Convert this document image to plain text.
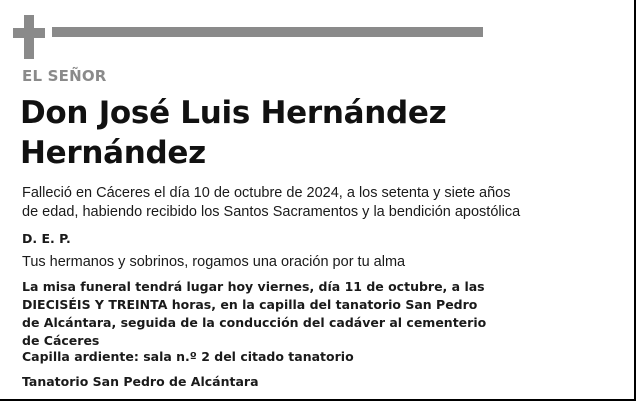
EL SEÑOR
Don José Luis Hernández
Hernández
Falleció en Cáceres el día 10 de octubre de 2024, a los setenta y siete años
de edad, habiendo recibido los Santos Sacramentos y la bendición apostólica
D. E. P.
Tus hermanos y sobrinos, rogamos una oración por tu alma
La misa funeral tendrá lugar hoy viernes, día 11 de octubre, a las
DIECISÉIS Y TREINTA horas, en la capilla del tanatorio San Pedro
de Alcántara, seguida de la conducción del cadáver al cementerio
de Cáceres
Capilla ardiente: sala n.º 2 del citado tanatorio
Tanatorio San Pedro de Alcántara
